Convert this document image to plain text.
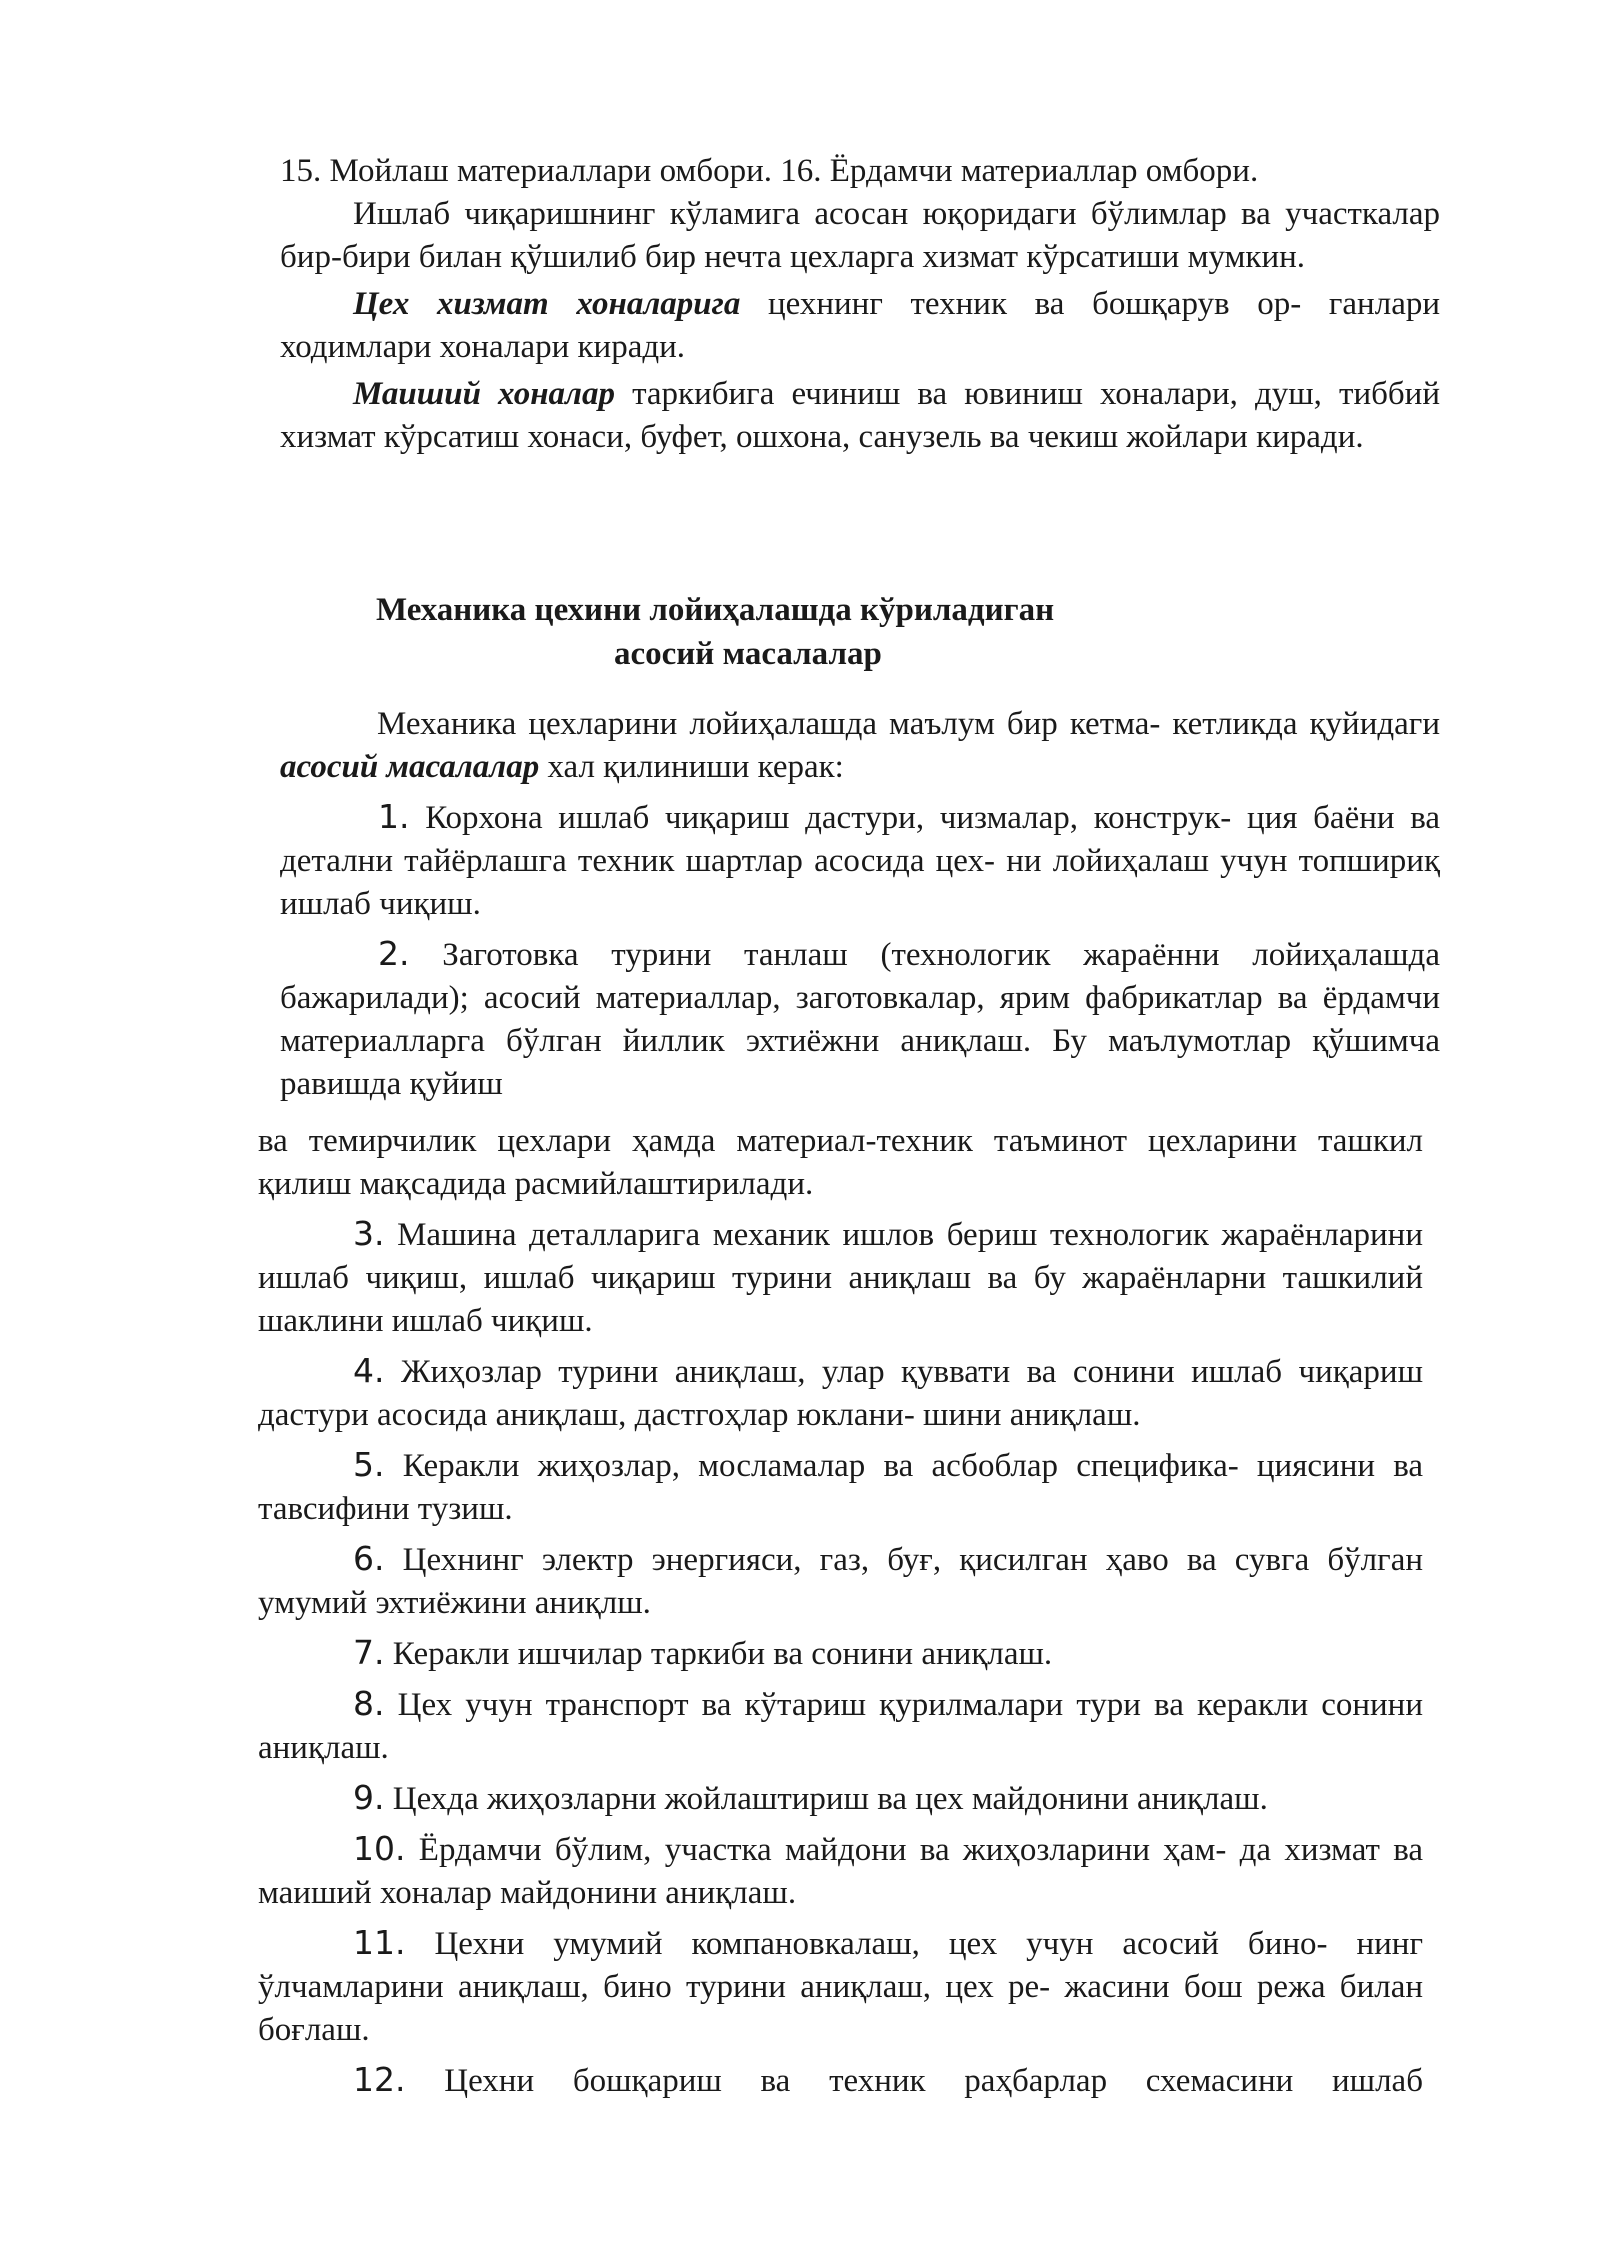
15. Мойлаш материаллари омбори. 16. Ёрдамчи материаллар омбори.

Ишлаб чиқаришнинг кўламига асосан юқоридаги бўлимлар ва участкалар бир-бири билан қўшилиб бир нечта цехларга хизмат кўрсатиши мумкин.

Цех хизмат хоналарига цехнинг техник ва бошқарув ор- ганлари ходимлари хоналари киради.

Маиший хоналар таркибига ечиниш ва ювиниш хоналари, душ, тиббий хизмат кўрсатиш хонаси, буфет, ошхона, санузель ва чекиш жойлари киради.

Механика цехини лойиҳалашда кўриладиган
асосий масалалар

Механика цехларини лойиҳалашда маълум бир кетма- кетликда қуйидаги асосий масалалар хал қилиниши керак:

1. Корхона ишлаб чиқариш дастури, чизмалар, конструк- ция баёни ва детални тайёрлашга техник шартлар асосида цех- ни лойиҳалаш учун топшириқ ишлаб чиқиш.

2. Заготовка турини танлаш (технологик жараённи лойиҳалашда бажарилади); асосий материаллар, заготовкалар, ярим фабрикатлар ва ёрдамчи материалларга бўлган йиллик эхтиёжни аниқлаш. Бу маълумотлар қўшимча равишда қуйиш

ва темирчилик цехлари ҳамда материал-техник таъминот цехларини ташкил қилиш мақсадида расмийлаштирилади.

3. Машина деталларига механик ишлов бериш технологик жараёнларини ишлаб чиқиш, ишлаб чиқариш турини аниқлаш ва бу жараёнларни ташкилий шаклини ишлаб чиқиш.

4. Жиҳозлар турини аниқлаш, улар қуввати ва сонини ишлаб чиқариш дастури асосида аниқлаш, дастгоҳлар юклани- шини аниқлаш.

5. Керакли жиҳозлар, мосламалар ва асбоблар специфика- циясини ва тавсифини тузиш.

6. Цехнинг электр энергияси, газ, буғ, қисилган ҳаво ва сувга бўлган умумий эхтиёжини аниқлш.

7. Керакли ишчилар таркиби ва сонини аниқлаш.

8. Цех учун транспорт ва кўтариш қурилмалари тури ва керакли сонини аниқлаш.

9. Цехда жиҳозларни жойлаштириш ва цех майдонини аниқлаш.

10. Ёрдамчи бўлим, участка майдони ва жиҳозларини ҳам- да хизмат ва маиший хоналар майдонини аниқлаш.

11. Цехни умумий компановкалаш, цех учун асосий бино- нинг ўлчамларини аниқлаш, бино турини аниқлаш, цех ре- жасини бош режа билан боғлаш.

12. Цехни бошқариш ва техник раҳбарлар схемасини ишлаб
